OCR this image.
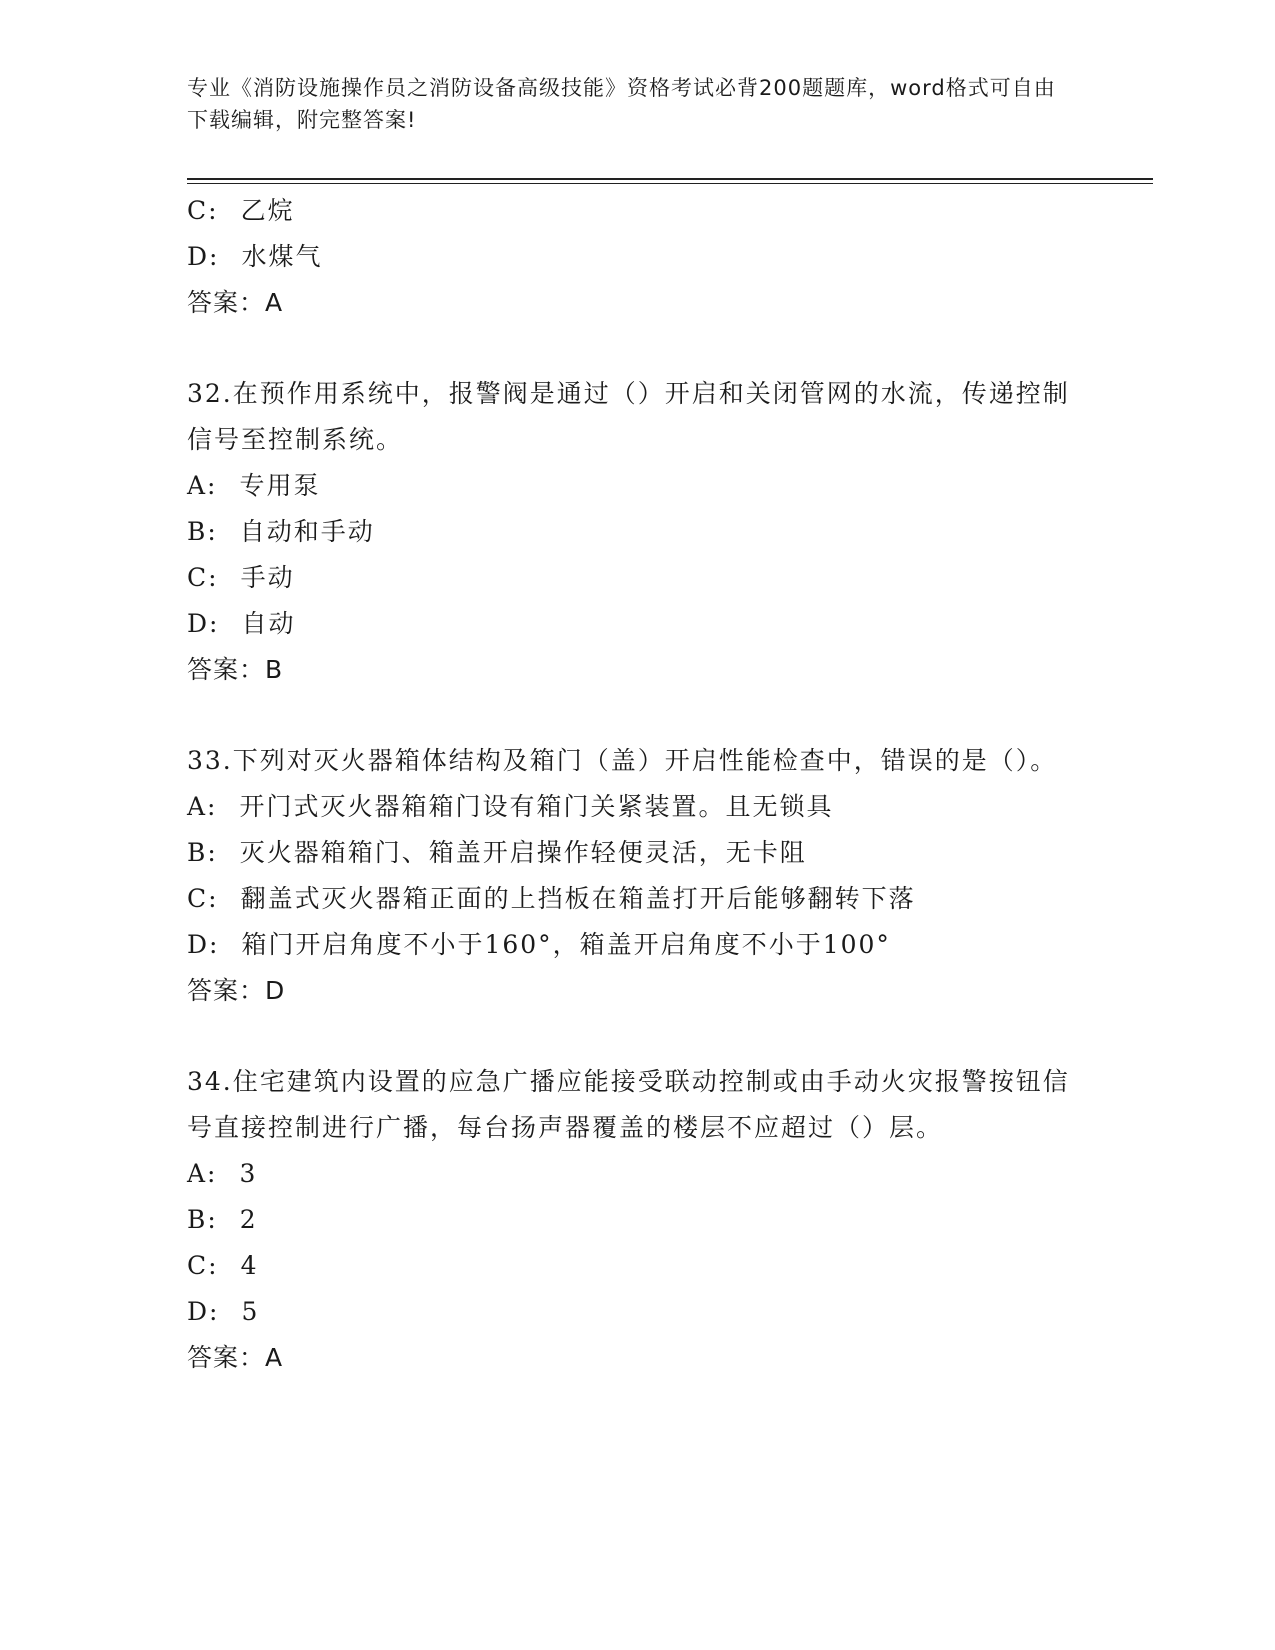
专业《消防设施操作员之消防设备高级技能》资格考试必背200题题库，word格式可自由下载编辑，附完整答案!
C: 乙烷
D: 水煤气
答案：A
32.在预作用系统中，报警阀是通过（）开启和关闭管网的水流，传递控制信号至控制系统。
A: 专用泵
B: 自动和手动
C: 手动
D: 自动
答案：B
33.下列对灭火器箱体结构及箱门（盖）开启性能检查中，错误的是（）。
A: 开门式灭火器箱箱门设有箱门关紧装置。且无锁具
B: 灭火器箱箱门、箱盖开启操作轻便灵活，无卡阻
C: 翻盖式灭火器箱正面的上挡板在箱盖打开后能够翻转下落
D: 箱门开启角度不小于160°，箱盖开启角度不小于100°
答案：D
34.住宅建筑内设置的应急广播应能接受联动控制或由手动火灾报警按钮信号直接控制进行广播，每台扬声器覆盖的楼层不应超过（）层。
A: 3
B: 2
C: 4
D: 5
答案：A
